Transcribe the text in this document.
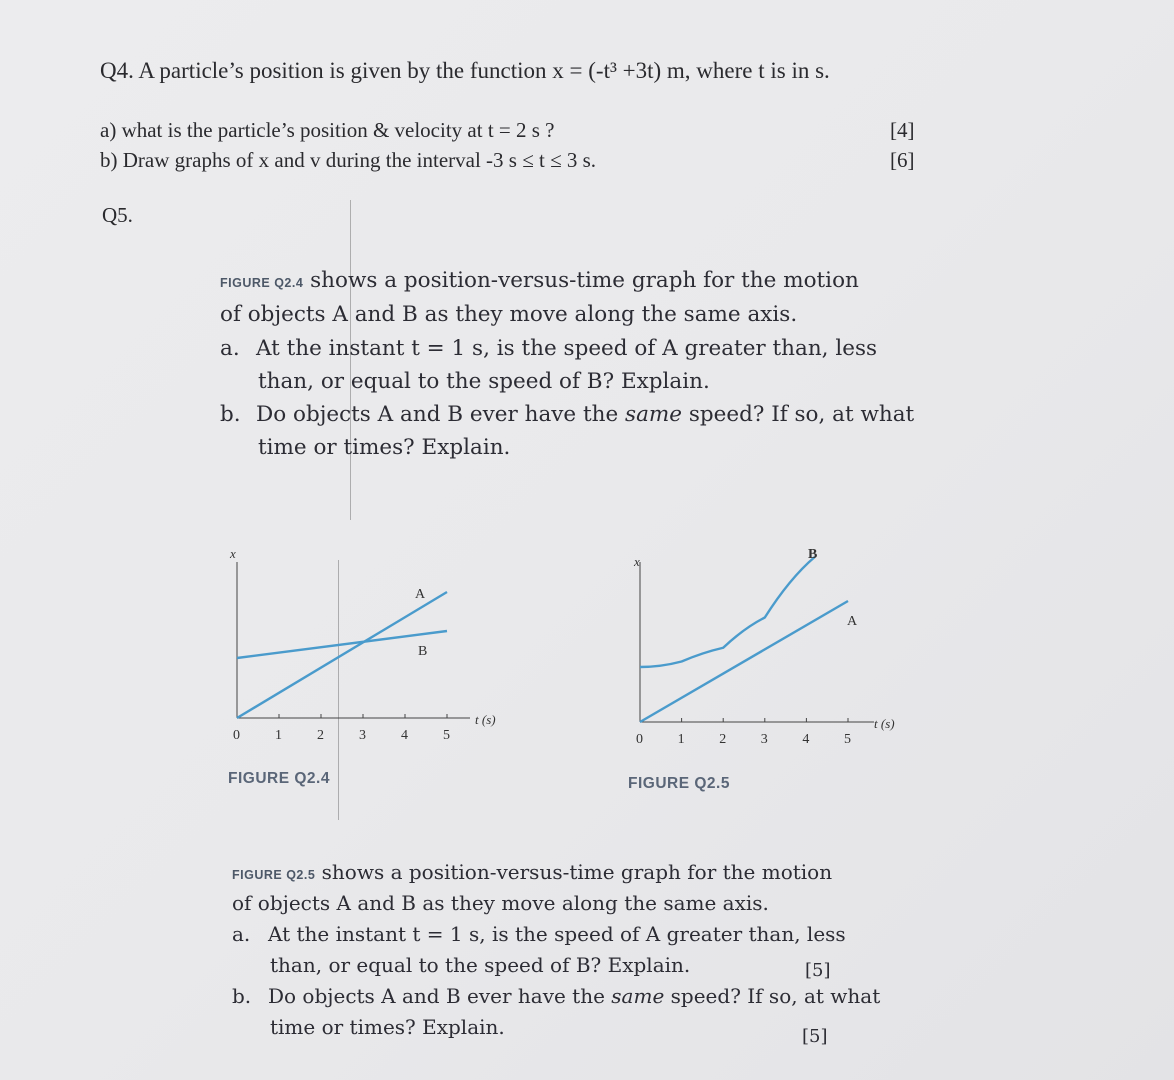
Q4. A particle’s position is given by the function x = (-t³ +3t) m, where t is in s.
a) what is the particle’s position & velocity at t = 2 s ?	[4]
b) Draw graphs of x and v during the interval -3 s ≤ t ≤ 3 s.	[6]
Q5.
FIGURE Q2.4 shows a position-versus-time graph for the motion
of objects A and B as they move along the same axis.
a. At the instant t = 1 s, is the speed of A greater than, less
than, or equal to the speed of B? Explain.
b. Do objects A and B ever have the same speed? If so, at what
time or times? Explain.
x
t (s)
0	1	2	3	4	5
A
B
FIGURE Q2.4
x
t (s)
0 1 2 3 4 5
A
B
FIGURE Q2.5
FIGURE Q2.5 shows a position-versus-time graph for the motion
of objects A and B as they move along the same axis.
a. At the instant t = 1 s, is the speed of A greater than, less
than, or equal to the speed of B? Explain.	[5]
b. Do objects A and B ever have the same speed? If so, at what
time or times? Explain.	[5]
